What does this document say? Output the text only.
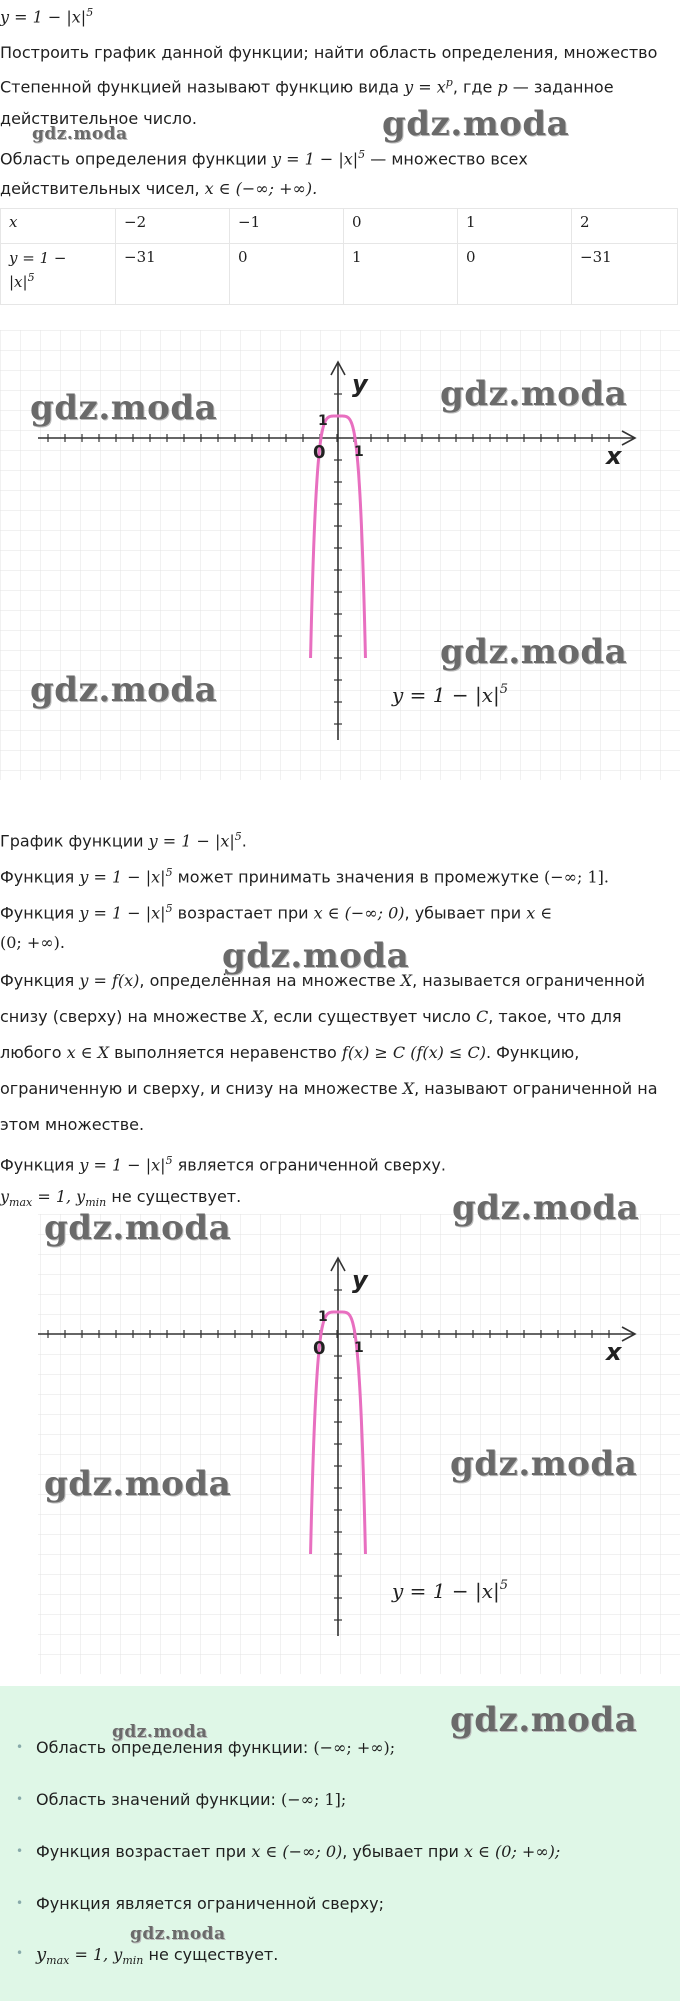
$y = 1 - |x|^5$
Построить график данной функции; найти область определения, множество
Степенной функцией называют функцию вида $y = x^p$, где p — заданное
действительное число.
Область определения функции $y = 1 - |x|^5$ — множество всех
действительных чисел, x ∈ (−∞; +∞).
x	−2	−1	0	1	2
y = 1 −
$|x|^5$	−31	0	1	0	−31
y
x
0 1
1
$y = 1 - |x|^5$
График функции $y = 1 - |x|^5$.
Функция $y = 1 - |x|^5$ может принимать значения в промежутке (−∞; 1].
Функция $y = 1 - |x|^5$ возрастает при x ∈ (−∞; 0), убывает при x ∈
(0; +∞).
Функция y = f(x), определённая на множестве X, называется ограниченной
снизу (сверху) на множестве X, если существует число C, такое, что для
любого x ∈ X выполняется неравенство f(x) ≥ C (f(x) ≤ C). Функцию,
ограниченную и сверху, и снизу на множестве X, называют ограниченной на
этом множестве.
Функция $y = 1 - |x|^5$ является ограниченной сверху.
$y_{max} = 1$, $y_{min}$ не существует.
y
x
0 1
1
$y = 1 - |x|^5$
• Область определения функции: (−∞; +∞);
• Область значений функции: (−∞; 1];
• Функция возрастает при x ∈ (−∞; 0), убывает при x ∈ (0; +∞);
• Функция является ограниченной сверху;
• $y_{max} = 1$, $y_{min}$ не существует.
gdz.moda	gdz.moda
gdz.moda	gdz.moda
gdz.moda
gdz.moda
gdz.moda
gdz.moda
gdz.moda
gdz.moda
gdz.moda
gdz.moda
gdz.moda
gdz.moda
